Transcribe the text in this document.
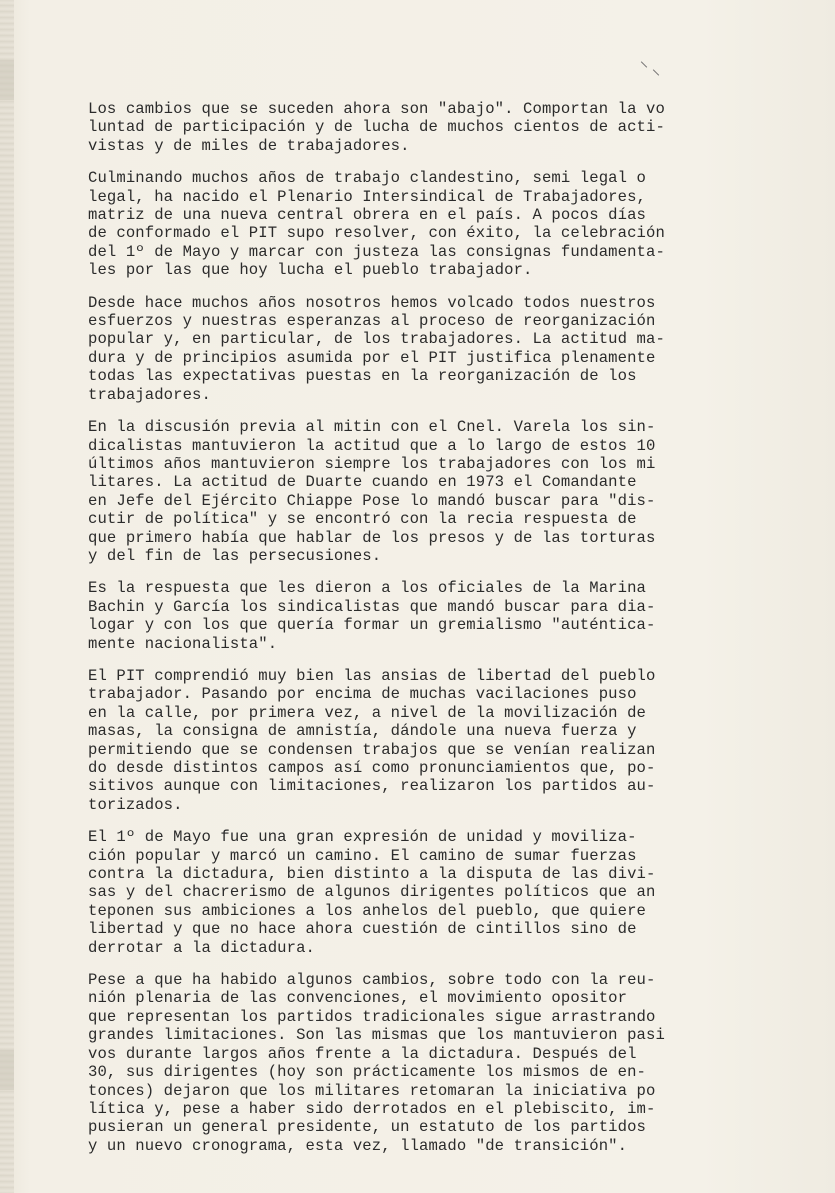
Los cambios que se suceden ahora son "abajo". Comportan la vo
luntad de participación y de lucha de muchos cientos de acti-
vistas y de miles de trabajadores.
Culminando muchos años de trabajo clandestino, semi legal o
legal, ha nacido el Plenario Intersindical de Trabajadores,
matriz de una nueva central obrera en el país. A pocos días
de conformado el PIT supo resolver, con éxito, la celebración
del 1º de Mayo y marcar con justeza las consignas fundamenta-
les por las que hoy lucha el pueblo trabajador.
Desde hace muchos años nosotros hemos volcado todos nuestros
esfuerzos y nuestras esperanzas al proceso de reorganización
popular y, en particular, de los trabajadores. La actitud ma-
dura y de principios asumida por el PIT justifica plenamente
todas las expectativas puestas en la reorganización de los
trabajadores.
En la discusión previa al mitin con el Cnel. Varela los sin-
dicalistas mantuvieron la actitud que a lo largo de estos 10
últimos años mantuvieron siempre los trabajadores con los mi
litares. La actitud de Duarte cuando en 1973 el Comandante
en Jefe del Ejército Chiappe Pose lo mandó buscar para "dis-
cutir de política" y se encontró con la recia respuesta de
que primero había que hablar de los presos y de las torturas
y del fin de las persecusiones.
Es la respuesta que les dieron a los oficiales de la Marina
Bachin y García los sindicalistas que mandó buscar para dia-
logar y con los que quería formar un gremialismo "auténtica-
mente nacionalista".
El PIT comprendió muy bien las ansias de libertad del pueblo
trabajador. Pasando por encima de muchas vacilaciones puso
en la calle, por primera vez, a nivel de la movilización de
masas, la consigna de amnistía, dándole una nueva fuerza y
permitiendo que se condensen trabajos que se venían realizan
do desde distintos campos así como pronunciamientos que, po-
sitivos aunque con limitaciones, realizaron los partidos au-
torizados.
El 1º de Mayo fue una gran expresión de unidad y moviliza-
ción popular y marcó un camino. El camino de sumar fuerzas
contra la dictadura, bien distinto a la disputa de las divi-
sas y del chacrerismo de algunos dirigentes políticos que an
teponen sus ambiciones a los anhelos del pueblo, que quiere
libertad y que no hace ahora cuestión de cintillos sino de
derrotar a la dictadura.
Pese a que ha habido algunos cambios, sobre todo con la reu-
nión plenaria de las convenciones, el movimiento opositor
que representan los partidos tradicionales sigue arrastrando
grandes limitaciones. Son las mismas que los mantuvieron pasi
vos durante largos años frente a la dictadura. Después del
30, sus dirigentes (hoy son prácticamente los mismos de en-
tonces) dejaron que los militares retomaran la iniciativa po
lítica y, pese a haber sido derrotados en el plebiscito, im-
pusieran un general presidente, un estatuto de los partidos
y un nuevo cronograma, esta vez, llamado "de transición".
